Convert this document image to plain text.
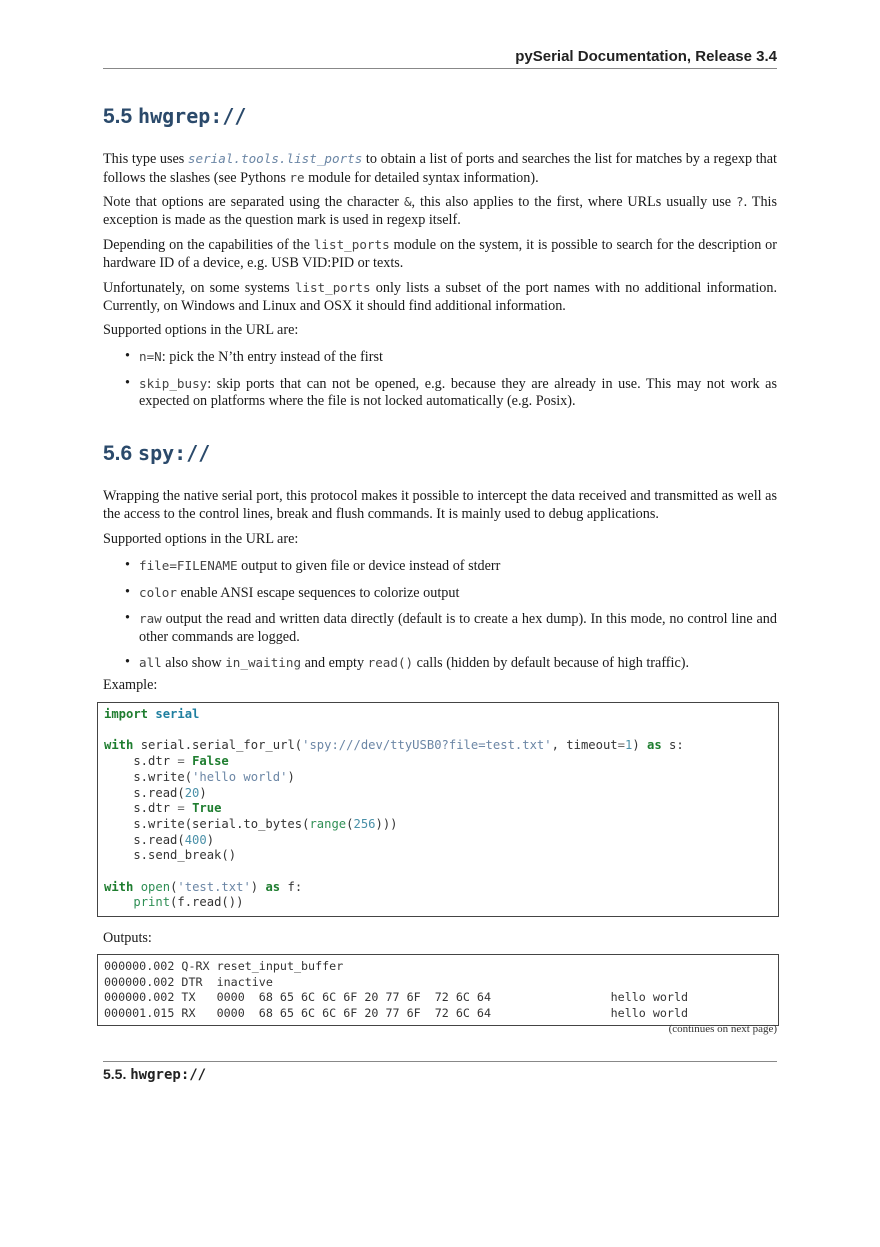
pySerial Documentation, Release 3.4
5.5 hwgrep://

This type uses serial.tools.list_ports to obtain a list of ports and searches the list for matches by a regexp that follows the slashes (see Pythons re module for detailed syntax information).

Note that options are separated using the character &, this also applies to the first, where URLs usually use ?. This exception is made as the question mark is used in regexp itself.

Depending on the capabilities of the list_ports module on the system, it is possible to search for the description or hardware ID of a device, e.g. USB VID:PID or texts.

Unfortunately, on some systems list_ports only lists a subset of the port names with no additional information. Currently, on Windows and Linux and OSX it should find additional information.

Supported options in the URL are:

• n=N: pick the N’th entry instead of the first
• skip_busy: skip ports that can not be opened, e.g. because they are already in use. This may not work as expected on platforms where the file is not locked automatically (e.g. Posix).
5.6 spy://

Wrapping the native serial port, this protocol makes it possible to intercept the data received and transmitted as well as the access to the control lines, break and flush commands. It is mainly used to debug applications.

Supported options in the URL are:

• file=FILENAME output to given file or device instead of stderr
• color enable ANSI escape sequences to colorize output
• raw output the read and written data directly (default is to create a hex dump). In this mode, no control line and other commands are logged.
• all also show in_waiting and empty read() calls (hidden by default because of high traffic).

Example:

import serial

with serial.serial_for_url('spy:///dev/ttyUSB0?file=test.txt', timeout=1) as s:
s.dtr = False
s.write('hello world')
s.read(20)
s.dtr = True
s.write(serial.to_bytes(range(256)))
s.read(400)
s.send_break()

with open('test.txt') as f:
print(f.read())

Outputs:

000000.002 Q-RX reset_input_buffer
000000.002 DTR  inactive
000000.002 TX   0000  68 65 6C 6C 6F 20 77 6F  72 6C 64                 hello world
000001.015 RX   0000  68 65 6C 6C 6F 20 77 6F  72 6C 64                 hello world
(continues on next page)
5.5. hwgrep://
